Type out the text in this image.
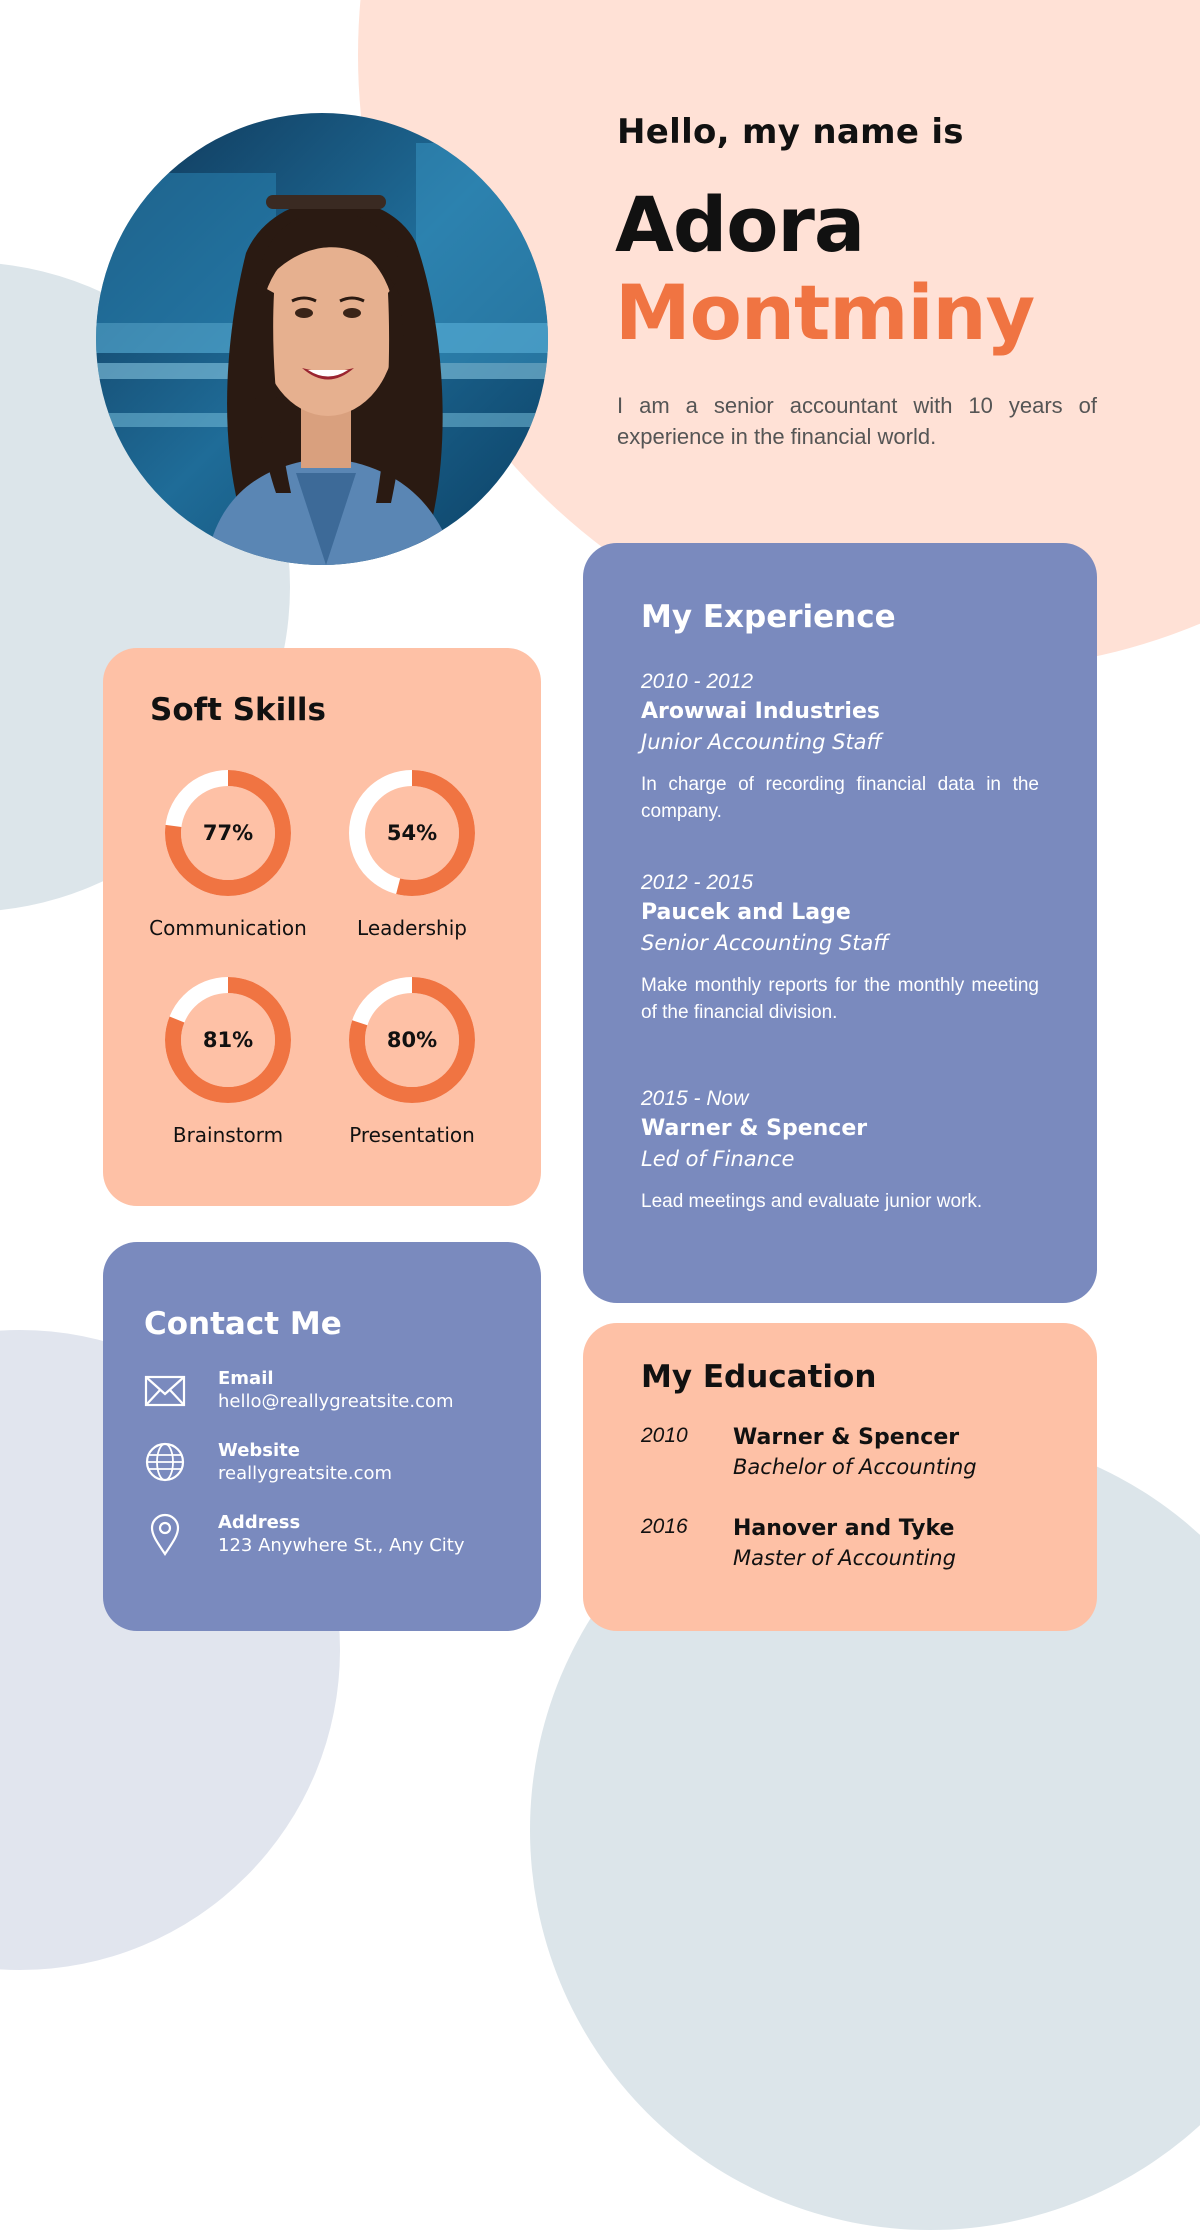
Hello, my name is
Adora
Montminy
I am a senior accountant with 10 years of experience in the financial world.
Soft Skills
77%
Communication
54%
Leadership
81%
Brainstorm
80%
Presentation
My Experience
2010 - 2012
Arowwai Industries
Junior Accounting Staff
In charge of recording financial data in the company.
2012 - 2015
Paucek and Lage
Senior Accounting Staff
Make monthly reports for the monthly meeting of the financial division.
2015 - Now
Warner & Spencer
Led of Finance
Lead meetings and evaluate junior work.
Contact Me
Email
hello@reallygreatsite.com
Website
reallygreatsite.com
Address
123 Anywhere St., Any City
My Education
2010 Warner & Spencer
Bachelor of Accounting
2016 Hanover and Tyke
Master of Accounting
